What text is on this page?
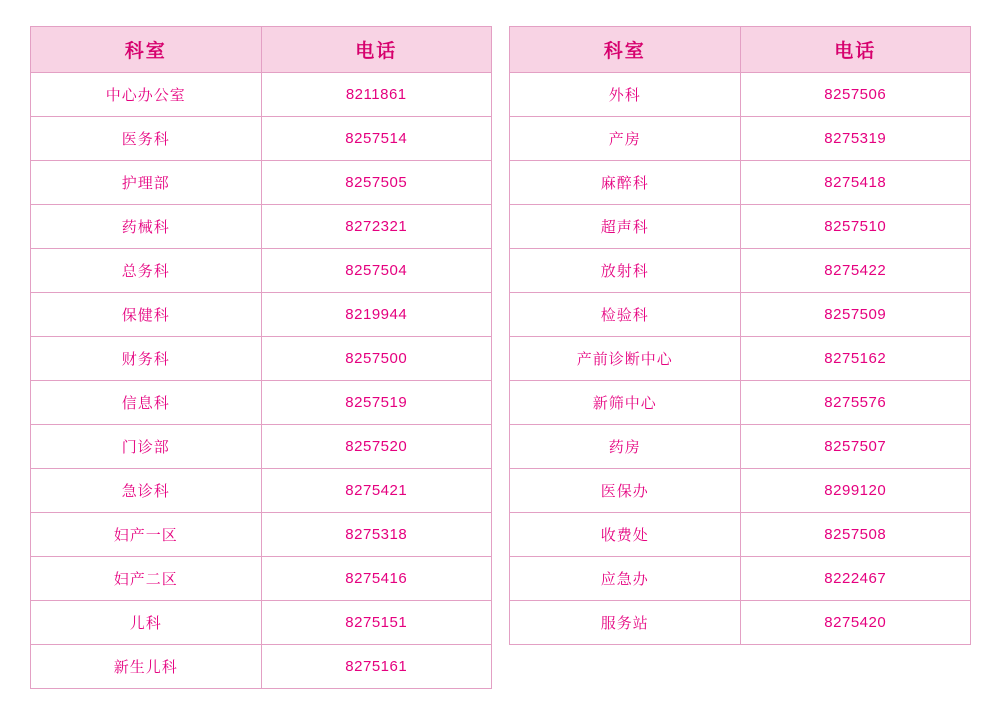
科室	电话
中心办公室	8211861
医务科	8257514
护理部	8257505
药械科	8272321
总务科	8257504
保健科	8219944
财务科	8257500
信息科	8257519
门诊部	8257520
急诊科	8275421
妇产一区	8275318
妇产二区	8275416
儿科	8275151
新生儿科	8275161
科室	电话
外科	8257506
产房	8275319
麻醉科	8275418
超声科	8257510
放射科	8275422
检验科	8257509
产前诊断中心	8275162
新筛中心	8275576
药房	8257507
医保办	8299120
收费处	8257508
应急办	8222467
服务站	8275420
